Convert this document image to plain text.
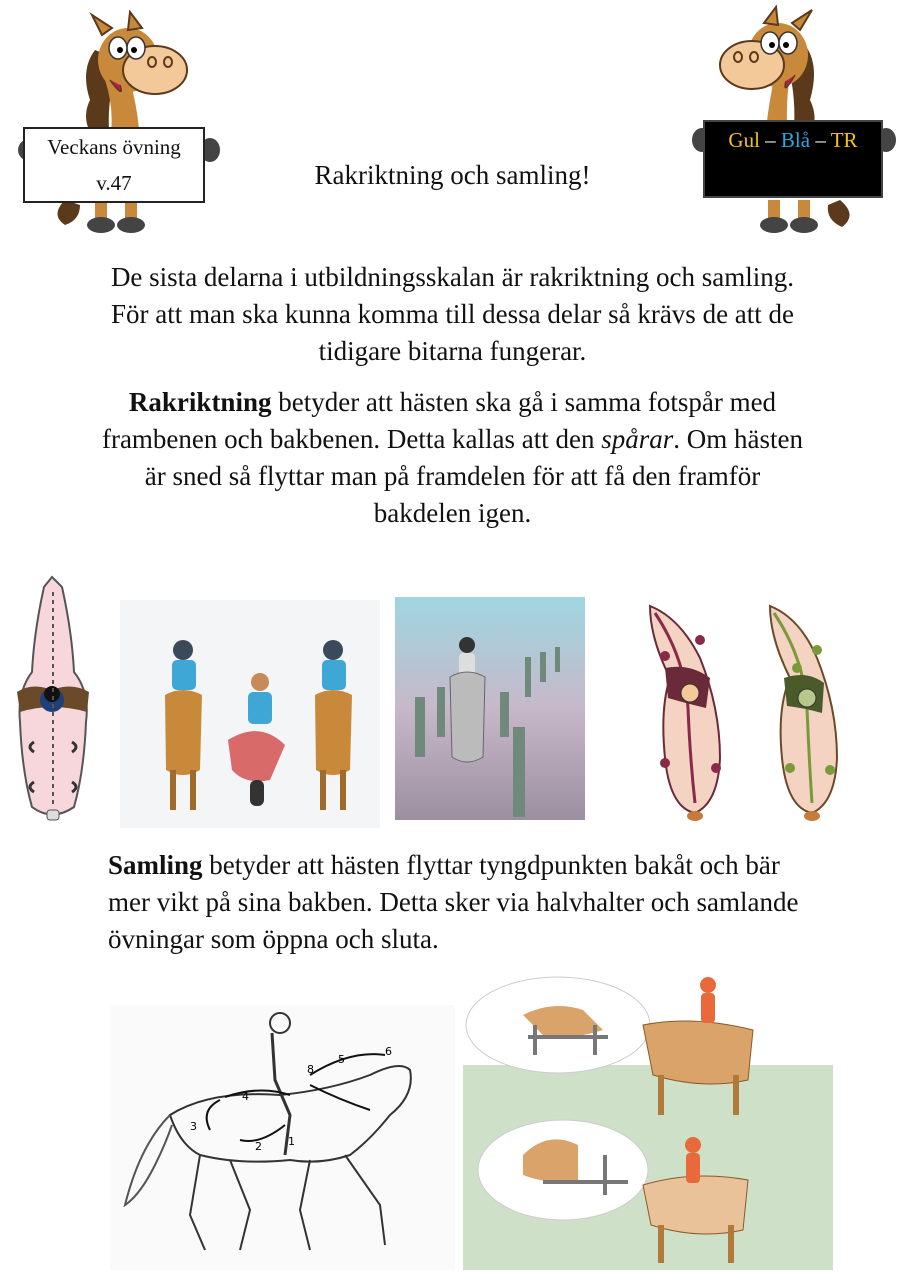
Veckans övning
v.47
Gul – Blå – TR
Rakriktning och samling!
De sista delarna i utbildningsskalan är rakriktning och samling. För att man ska kunna komma till dessa delar så krävs de att de tidigare bitarna fungerar.
Rakriktning betyder att hästen ska gå i samma fotspår med frambenen och bakbenen. Detta kallas att den spårar. Om hästen är sned så flyttar man på framdelen för att få den framför bakdelen igen.
Samling betyder att hästen flyttar tyngdpunkten bakåt och bär mer vikt på sina bakben. Detta sker via halvhalter och samlande övningar som öppna och sluta.
1
2
3
4
5
6
8
